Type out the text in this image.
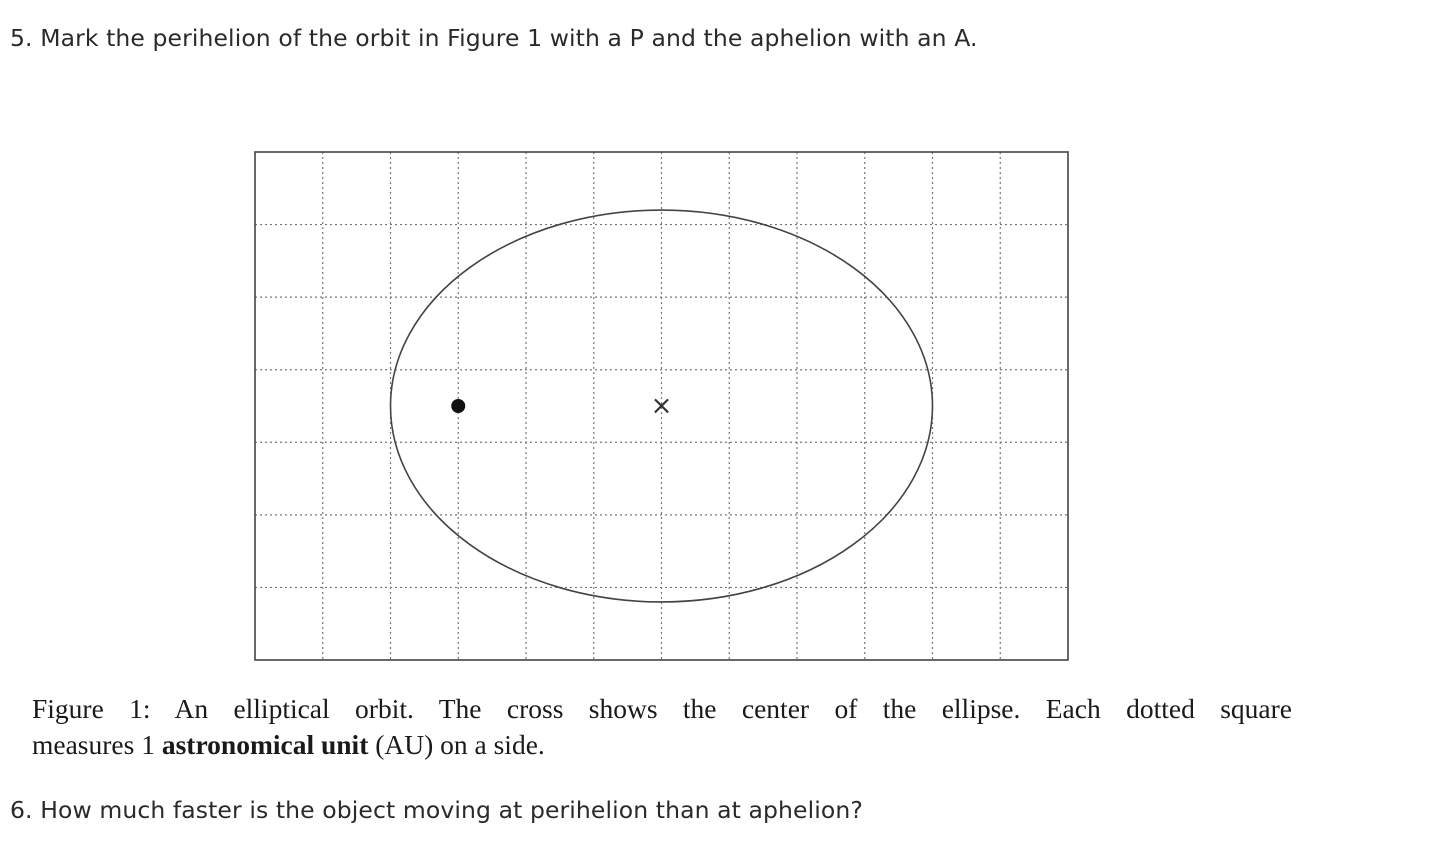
5. Mark the perihelion of the orbit in Figure 1 with a P and the aphelion with an A.

×
Figure 1: An elliptical orbit. The cross shows the center of the ellipse. Each dotted square
measures 1 astronomical unit (AU) on a side.

6. How much faster is the object moving at perihelion than at aphelion?
